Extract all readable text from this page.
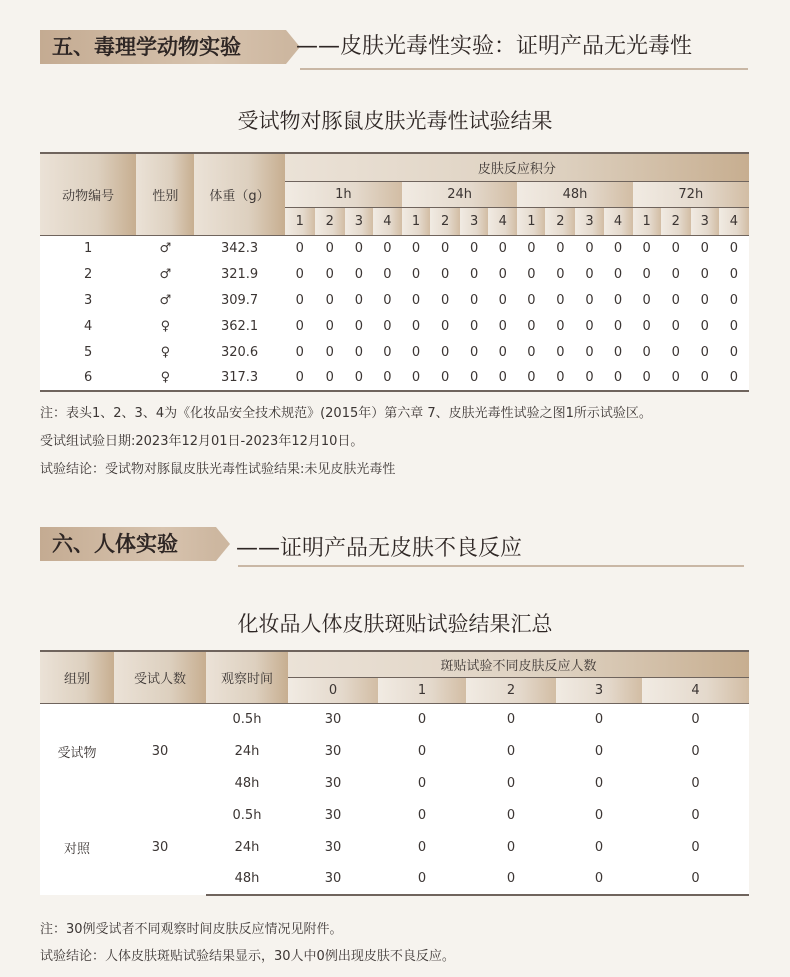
五、毒理学动物实验	——皮肤光毒性实验：证明产品无光毒性
受试物对豚鼠皮肤光毒性试验结果
动物编号	性别	体重（g）	皮肤反应积分															
			1h				24h				48h				72h			
			1	2	3	4	1	2	3	4	1	2	3	4	1	2	3	4
1	♂	342.3	0	0	0	0	0	0	0	0	0	0	0	0	0	0	0	0
2	♂	321.9	0	0	0	0	0	0	0	0	0	0	0	0	0	0	0	0
3	♂	309.7	0	0	0	0	0	0	0	0	0	0	0	0	0	0	0	0
4	♀	362.1	0	0	0	0	0	0	0	0	0	0	0	0	0	0	0	0
5	♀	320.6	0	0	0	0	0	0	0	0	0	0	0	0	0	0	0	0
6	♀	317.3	0	0	0	0	0	0	0	0	0	0	0	0	0	0	0	0
注：表头1、2、3、4为《化妆品安全技术规范》(2015年）第六章 7、皮肤光毒性试验之图1所示试验区。
受试组试验日期:2023年12月01日-2023年12月10日。
试验结论：受试物对豚鼠皮肤光毒性试验结果:未见皮肤光毒性
六、人体实验	——证明产品无皮肤不良反应
化妆品人体皮肤斑贴试验结果汇总
组别	受试人数	观察时间	斑贴试验不同皮肤反应人数				
			0	1	2	3	4
受试物	30	0.5h	30	0	0	0	0
		24h	30	0	0	0	0
		48h	30	0	0	0	0
对照	30	0.5h	30	0	0	0	0
		24h	30	0	0	0	0
		48h	30	0	0	0	0
注：30例受试者不同观察时间皮肤反应情况见附件。
试验结论：人体皮肤斑贴试验结果显示，30人中0例出现皮肤不良反应。
